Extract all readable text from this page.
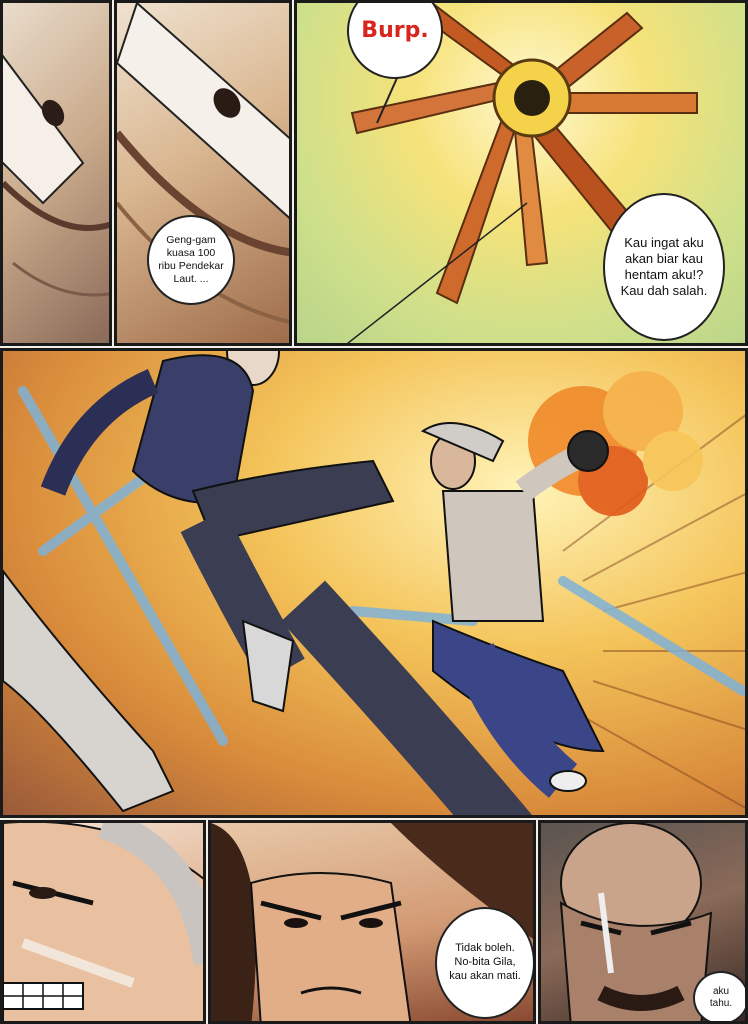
Geng-gam kuasa 100 ribu Pendekar Laut. ...
Burp.
Kau ingat aku akan biar kau hentam aku!? Kau dah salah.
Tidak boleh. No-bita Gila, kau akan mati.
aku tahu.
